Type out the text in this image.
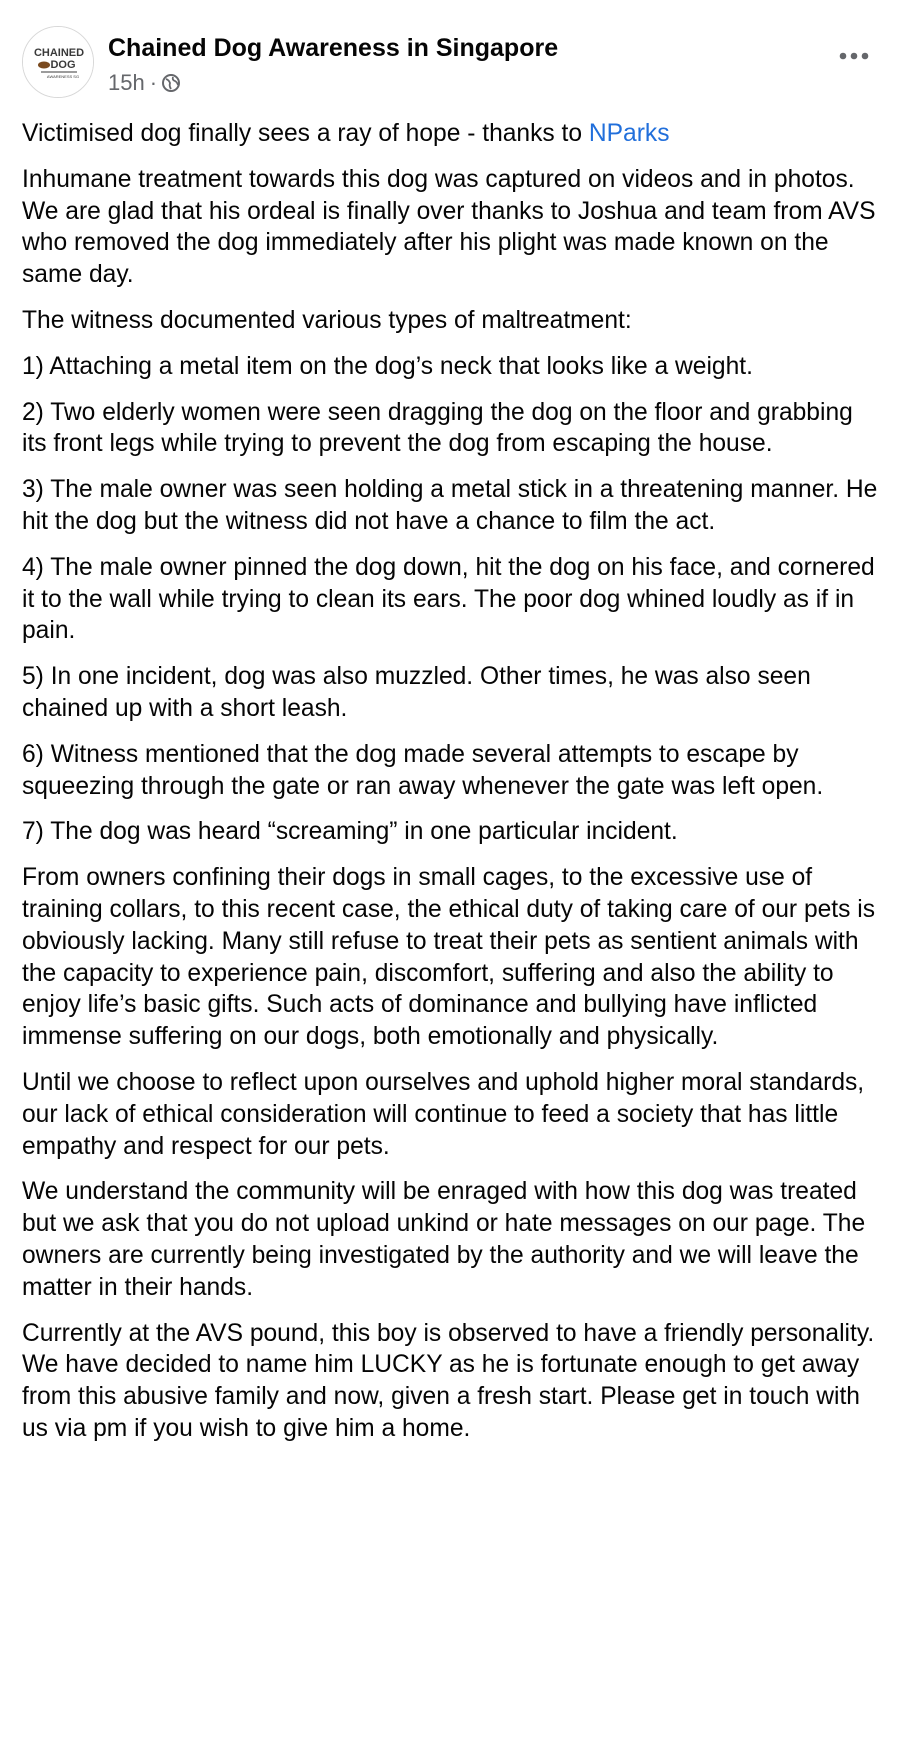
CHAINED
DOG
AWARENESS SG
Chained Dog Awareness in Singapore
15h ·

Victimised dog finally sees a ray of hope - thanks to NParks

Inhumane treatment towards this dog was captured on videos and in photos. We are glad that his ordeal is finally over thanks to Joshua and team from AVS who removed the dog immediately after his plight was made known on the same day.

The witness documented various types of maltreatment:

1) Attaching a metal item on the dog’s neck that looks like a weight.

2) Two elderly women were seen dragging the dog on the floor and grabbing its front legs while trying to prevent the dog from escaping the house.

3) The male owner was seen holding a metal stick in a threatening manner. He hit the dog but the witness did not have a chance to film the act.

4) The male owner pinned the dog down, hit the dog on his face, and cornered it to the wall while trying to clean its ears. The poor dog whined loudly as if in pain.

5) In one incident, dog was also muzzled. Other times, he was also seen chained up with a short leash.

6) Witness mentioned that the dog made several attempts to escape by squeezing through the gate or ran away whenever the gate was left open.

7) The dog was heard “screaming” in one particular incident.

From owners confining their dogs in small cages, to the excessive use of training collars, to this recent case, the ethical duty of taking care of our pets is obviously lacking. Many still refuse to treat their pets as sentient animals with the capacity to experience pain, discomfort, suffering and also the ability to enjoy life’s basic gifts. Such acts of dominance and bullying have inflicted immense suffering on our dogs, both emotionally and physically.

Until we choose to reflect upon ourselves and uphold higher moral standards, our lack of ethical consideration will continue to feed a society that has little empathy and respect for our pets.

We understand the community will be enraged with how this dog was treated but we ask that you do not upload unkind or hate messages on our page. The owners are currently being investigated by the authority and we will leave the matter in their hands.

Currently at the AVS pound, this boy is observed to have a friendly personality. We have decided to name him LUCKY as he is fortunate enough to get away from this abusive family and now, given a fresh start. Please get in touch with us via pm if you wish to give him a home.
